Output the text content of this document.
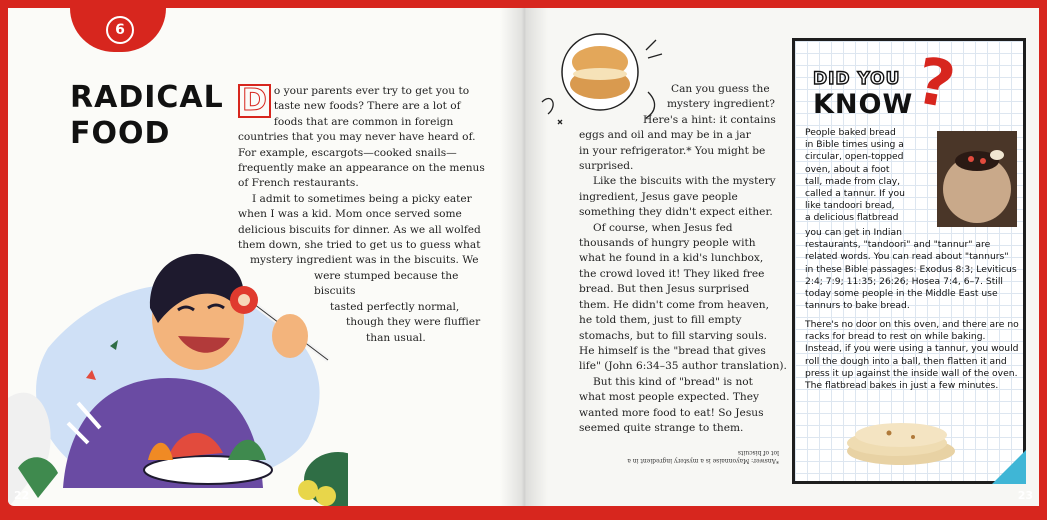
6
RADICAL
FOOD

D o your parents ever try to get you to
taste new foods? There are a lot of
foods that are common in foreign
countries that you may never have heard of.
For example, escargots—cooked snails—
frequently make an appearance on the menus
of French restaurants.

I admit to sometimes being a picky eater
when I was a kid. Mom once served some
delicious biscuits for dinner. As we all wolfed
them down, she tried to get us to guess what
mystery ingredient was in the biscuits. We
were stumped because the biscuits
tasted perfectly normal,
though they were fluffier
than usual.

22

Can you guess the
mystery ingredient?
Here's a hint: it contains
eggs and oil and may be in a jar
in your refrigerator.* You might be
surprised.

Like the biscuits with the mystery
ingredient, Jesus gave people
something they didn't expect either.

Of course, when Jesus fed
thousands of hungry people with
what he found in a kid's lunchbox,
the crowd loved it! They liked free
bread. But then Jesus surprised
them. He didn't come from heaven,
he told them, just to fill empty
stomachs, but to fill starving souls.
He himself is the "bread that gives
life" (John 6:34–35 author translation).

But this kind of "bread" is not
what most people expected. They
wanted more food to eat! So Jesus
seemed quite strange to them.

*Answer: Mayonnaise is a mystery ingredient in a lot of biscuits
DID YOU
KNOW
?
People baked bread
in Bible times using a
circular, open-topped
oven, about a foot
tall, made from clay,
called a tannur. If you
like tandoori bread,
a delicious flatbread
you can get in Indian
restaurants, "tandoori" and "tannur" are related words. You can read about "tannurs" in these Bible passages: Exodus 8:3; Leviticus 2:4; 7:9; 11:35; 26:26; Hosea 7:4, 6–7. Still today some people in the Middle East use tannurs to bake bread.
There's no door on this oven, and there are no racks for bread to rest on while baking. Instead, if you were using a tannur, you would roll the dough into a ball, then flatten it and press it up against the inside wall of the oven. The flatbread bakes in just a few minutes.
23
